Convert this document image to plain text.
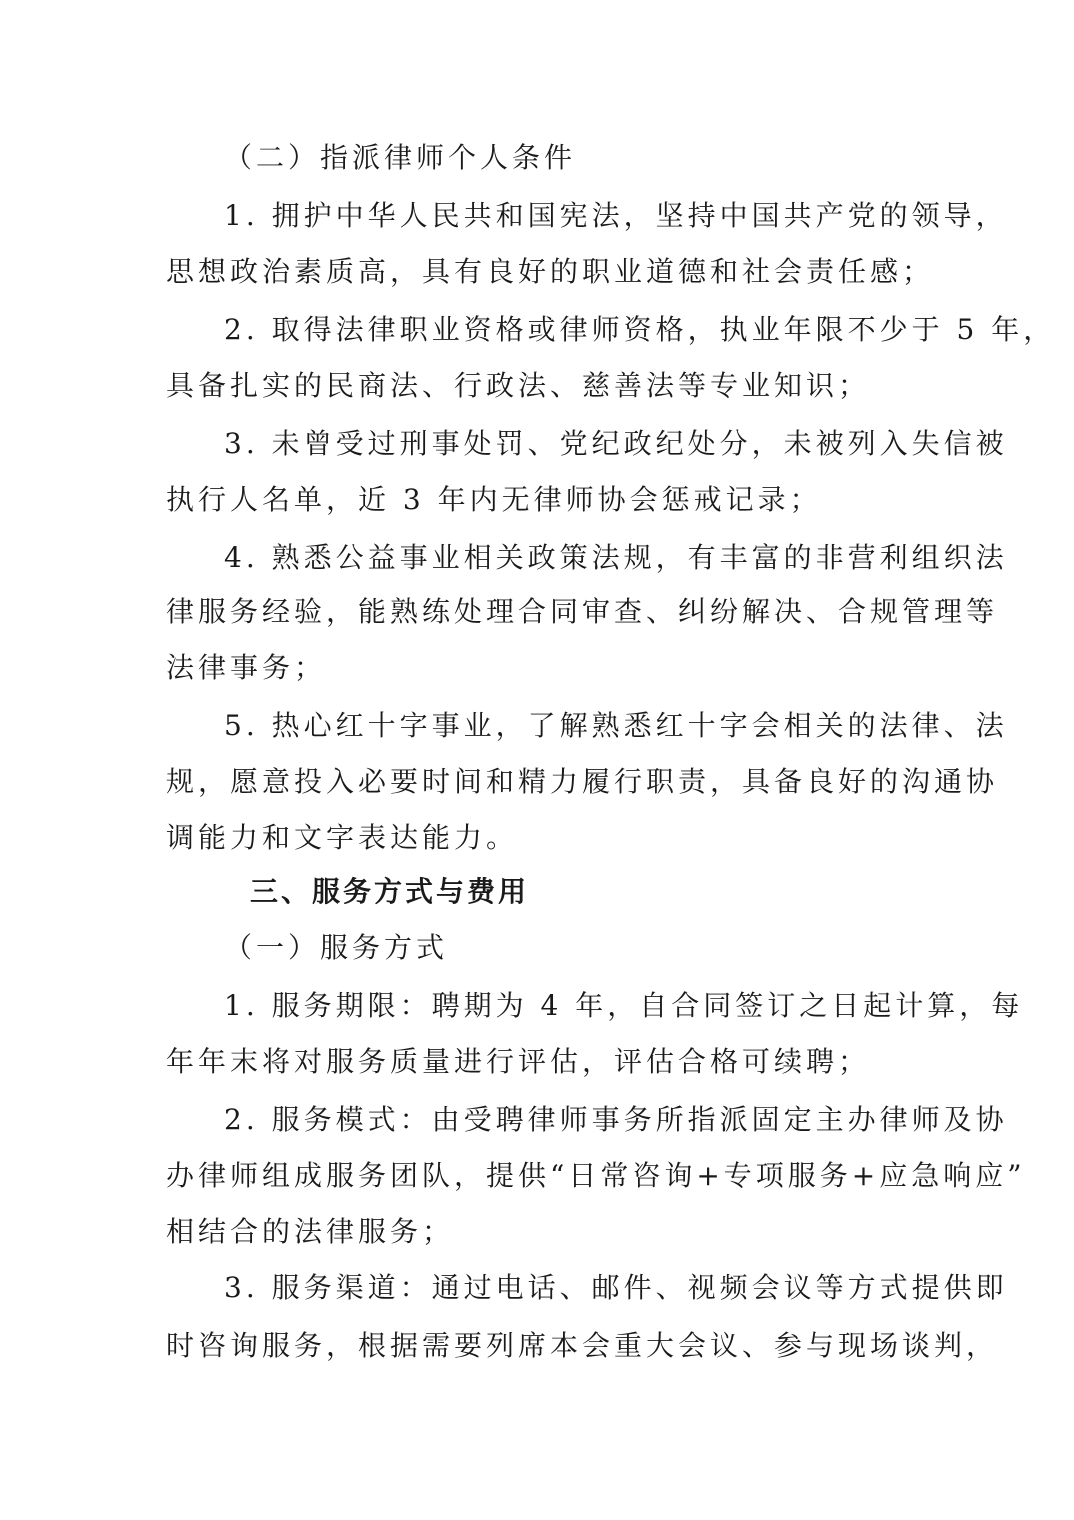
（二）指派律师个人条件
1. 拥护中华人民共和国宪法，坚持中国共产党的领导，
思想政治素质高，具有良好的职业道德和社会责任感；
2. 取得法律职业资格或律师资格，执业年限不少于 5 年，
具备扎实的民商法、行政法、慈善法等专业知识；
3. 未曾受过刑事处罚、党纪政纪处分，未被列入失信被
执行人名单，近 3 年内无律师协会惩戒记录；
4. 熟悉公益事业相关政策法规，有丰富的非营利组织法
律服务经验，能熟练处理合同审查、纠纷解决、合规管理等
法律事务；
5. 热心红十字事业，了解熟悉红十字会相关的法律、法
规，愿意投入必要时间和精力履行职责，具备良好的沟通协
调能力和文字表达能力。
三、服务方式与费用
（一）服务方式
1. 服务期限：聘期为 4 年，自合同签订之日起计算，每
年年末将对服务质量进行评估，评估合格可续聘；
2. 服务模式：由受聘律师事务所指派固定主办律师及协
办律师组成服务团队，提供“日常咨询+专项服务+应急响应”
相结合的法律服务；
3. 服务渠道：通过电话、邮件、视频会议等方式提供即
时咨询服务，根据需要列席本会重大会议、参与现场谈判，
